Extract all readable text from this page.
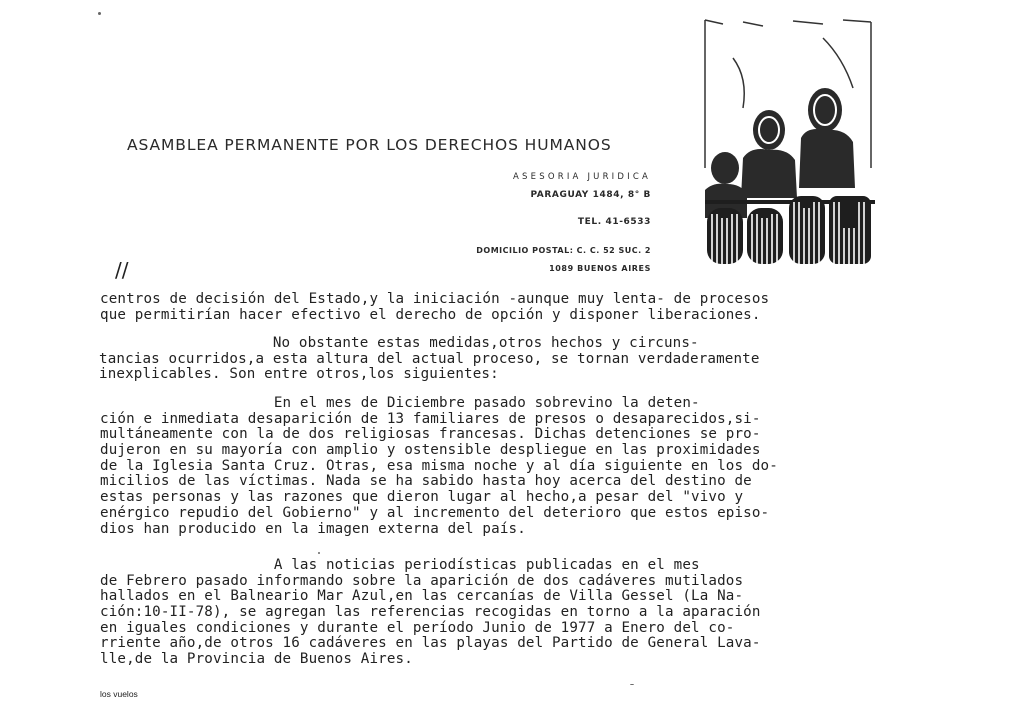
ASAMBLEA PERMANENTE POR LOS DERECHOS HUMANOS
ASESORIA JURIDICA
PARAGUAY 1484, 8° B
TEL. 41-6533
DOMICILIO POSTAL: C. C. 52 SUC. 2
1089 BUENOS AIRES
//
centros de decisión del Estado,y la iniciación -aunque muy lenta- de procesos
que permitirían hacer efectivo el derecho de opción y disponer liberaciones.
No obstante estas medidas,otros hechos y circuns-
tancias ocurridos,a esta altura del actual proceso, se tornan verdaderamente
inexplicables. Son entre otros,los siguientes:
En el mes de Diciembre pasado sobrevino la deten-
ción e inmediata desaparición de 13 familiares de presos o desaparecidos,si-
multáneamente con la de dos religiosas francesas. Dichas detenciones se pro-
dujeron en su mayoría con amplio y ostensible despliegue en las proximidades
de la Iglesia Santa Cruz. Otras, esa misma noche y al día siguiente en los do-
micilios de las víctimas. Nada se ha sabido hasta hoy acerca del destino de
estas personas y las razones que dieron lugar al hecho,a pesar del "vivo y
enérgico repudio del Gobierno" y al incremento del deterioro que estos episo-
dios han producido en la imagen externa del país.
A las noticias periodísticas publicadas en el mes
de Febrero pasado informando sobre la aparición de dos cadáveres mutilados
hallados en el Balneario Mar Azul,en las cercanías de Villa Gessel (La Na-
ción:10-II-78), se agregan las referencias recogidas en torno a la aparación
en iguales condiciones y durante el período Junio de 1977 a Enero del co-
rriente año,de otros 16 cadáveres en las playas del Partido de General Lava-
lle,de la Provincia de Buenos Aires.
los vuelos
